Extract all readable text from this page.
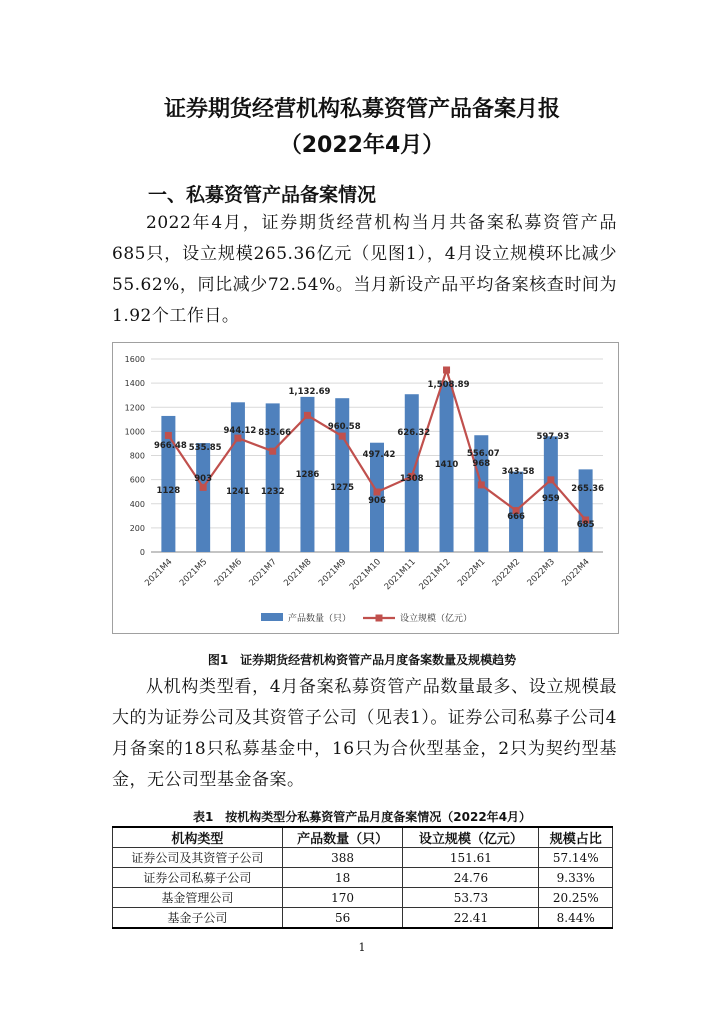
证券期货经营机构私募资管产品备案月报
（2022年4月）
一、私募资管产品备案情况

2022年4月，证券期货经营机构当月共备案私募资管产品685只，设立规模265.36亿元（见图1），4月设立规模环比减少55.62%，同比减少72.54%。当月新设产品平均备案核查时间为1.92个工作日。

0
200
400
600
800
1000
1200
1400
1600
1128
903
1241 1232
1286
1275
906
1308
1410 968
666
959
685
966.48 535.85
944.12 835.66
1,132.69
960.58
497.42
626.32
1,508.89
556.07
343.58
597.93
265.36
2021M4 2021M5 2021M6 2021M7 2021M8 2021M9 2021M10 2021M11 2021M12 2022M1 2022M2 2022M3 2022M4
产品数量（只）	设立规模（亿元）
图1　证券期货经营机构资管产品月度备案数量及规模趋势

从机构类型看，4月备案私募资管产品数量最多、设立规模最大的为证券公司及其资管子公司（见表1）。证券公司私募子公司4月备案的18只私募基金中，16只为合伙型基金，2只为契约型基金，无公司型基金备案。

表1　按机构类型分私募资管产品月度备案情况（2022年4月）
机构类型	产品数量（只）	设立规模（亿元）	规模占比
证券公司及其资管子公司	388	151.61	57.14%
证券公司私募子公司	18	24.76	9.33%
基金管理公司	170	53.73	20.25%
基金子公司	56	22.41	8.44%
1
